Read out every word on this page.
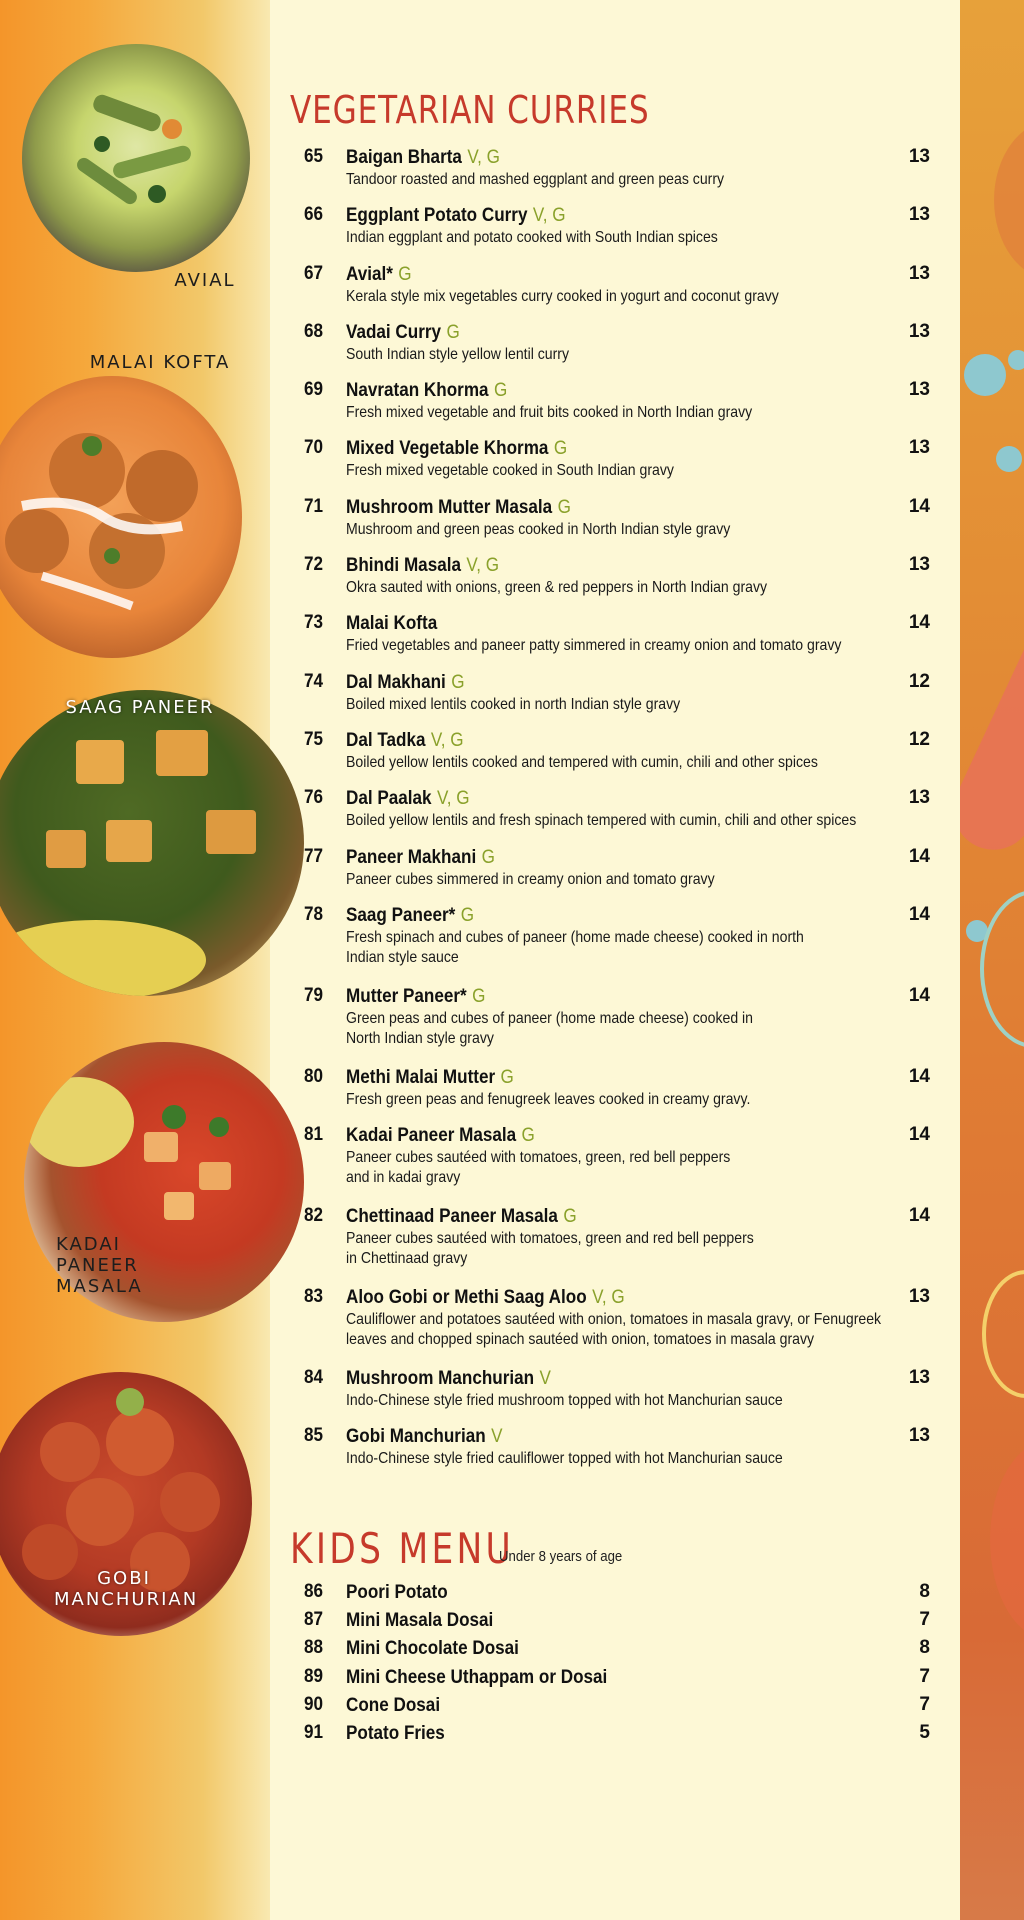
AVIAL
MALAI KOFTA
SAAG PANEER
KADAI PANEER
MASALA
GOBI
MANCHURIAN
VEGETARIAN CURRIES
65 Baigan Bharta V, G	13
Tandoor roasted and mashed eggplant and green peas curry
66 Eggplant Potato Curry V, G	13
Indian eggplant and potato cooked with South Indian spices
67 Avial* G	13
Kerala style mix vegetables curry cooked in yogurt and coconut gravy
68 Vadai Curry G	13
South Indian style yellow lentil curry
69 Navratan Khorma G	13
Fresh mixed vegetable and fruit bits cooked in North Indian gravy
70 Mixed Vegetable Khorma G	13
Fresh mixed vegetable cooked in South Indian gravy
71 Mushroom Mutter Masala G	14
Mushroom and green peas cooked in North Indian style gravy
72 Bhindi Masala V, G	13
Okra sauted with onions, green & red peppers in North Indian gravy
73 Malai Kofta	14
Fried vegetables and paneer patty simmered in creamy onion and tomato gravy
74 Dal Makhani G	12
Boiled mixed lentils cooked in north Indian style gravy
75 Dal Tadka V, G	12
Boiled yellow lentils cooked and tempered with cumin, chili and other spices
76 Dal Paalak V, G	13
Boiled yellow lentils and fresh spinach tempered with cumin, chili and other spices
77 Paneer Makhani G	14
Paneer cubes simmered in creamy onion and tomato gravy
78 Saag Paneer* G	14
Fresh spinach and cubes of paneer (home made cheese) cooked in north
Indian style sauce
79 Mutter Paneer* G	14
Green peas and cubes of paneer (home made cheese) cooked in
North Indian style gravy
80 Methi Malai Mutter G	14
Fresh green peas and fenugreek leaves cooked in creamy gravy.
81 Kadai Paneer Masala G	14
Paneer cubes sautéed with tomatoes, green, red bell peppers
and in kadai gravy
82 Chettinaad Paneer Masala G	14
Paneer cubes sautéed with tomatoes, green and red bell peppers
in Chettinaad gravy
83 Aloo Gobi or Methi Saag Aloo V, G	13
Cauliflower and potatoes sautéed with onion, tomatoes in masala gravy, or Fenugreek
leaves and chopped spinach sautéed with onion, tomatoes in masala gravy
84 Mushroom Manchurian V	13
Indo-Chinese style fried mushroom topped with hot Manchurian sauce
85 Gobi Manchurian V	13
Indo-Chinese style fried cauliflower topped with hot Manchurian sauce
KIDS MENU
Under 8 years of age
86 Poori Potato	8
87 Mini Masala Dosai	7
88 Mini Chocolate Dosai	8
89 Mini Cheese Uthappam or Dosai	7
90 Cone Dosai	7
91 Potato Fries	5
